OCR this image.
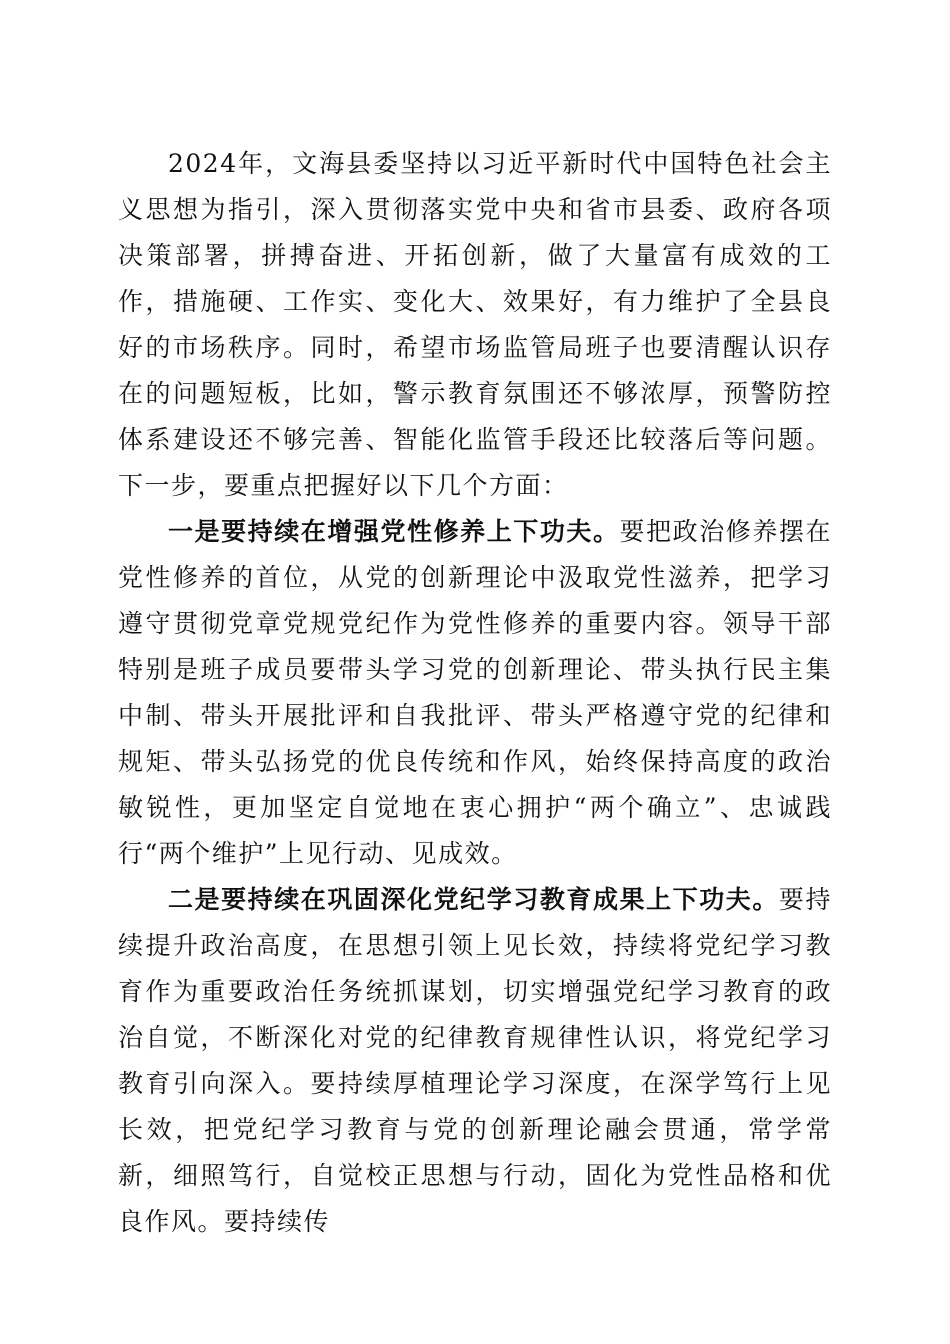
2024年，文海县委坚持以习近平新时代中国特色社会主义思想为指引，深入贯彻落实党中央和省市县委、政府各项决策部署，拼搏奋进、开拓创新，做了大量富有成效的工作，措施硬、工作实、变化大、效果好，有力维护了全县良好的市场秩序。同时，希望市场监管局班子也要清醒认识存在的问题短板，比如，警示教育氛围还不够浓厚，预警防控体系建设还不够完善、智能化监管手段还比较落后等问题。下一步，要重点把握好以下几个方面：

一是要持续在增强党性修养上下功夫。要把政治修养摆在党性修养的首位，从党的创新理论中汲取党性滋养，把学习遵守贯彻党章党规党纪作为党性修养的重要内容。领导干部特别是班子成员要带头学习党的创新理论、带头执行民主集中制、带头开展批评和自我批评、带头严格遵守党的纪律和规矩、带头弘扬党的优良传统和作风，始终保持高度的政治敏锐性，更加坚定自觉地在衷心拥护“两个确立”、忠诚践行“两个维护”上见行动、见成效。

二是要持续在巩固深化党纪学习教育成果上下功夫。要持续提升政治高度，在思想引领上见长效，持续将党纪学习教育作为重要政治任务统抓谋划，切实增强党纪学习教育的政治自觉，不断深化对党的纪律教育规律性认识，将党纪学习教育引向深入。要持续厚植理论学习深度，在深学笃行上见长效，把党纪学习教育与党的创新理论融会贯通，常学常新，细照笃行，自觉校正思想与行动，固化为党性品格和优良作风。要持续传
